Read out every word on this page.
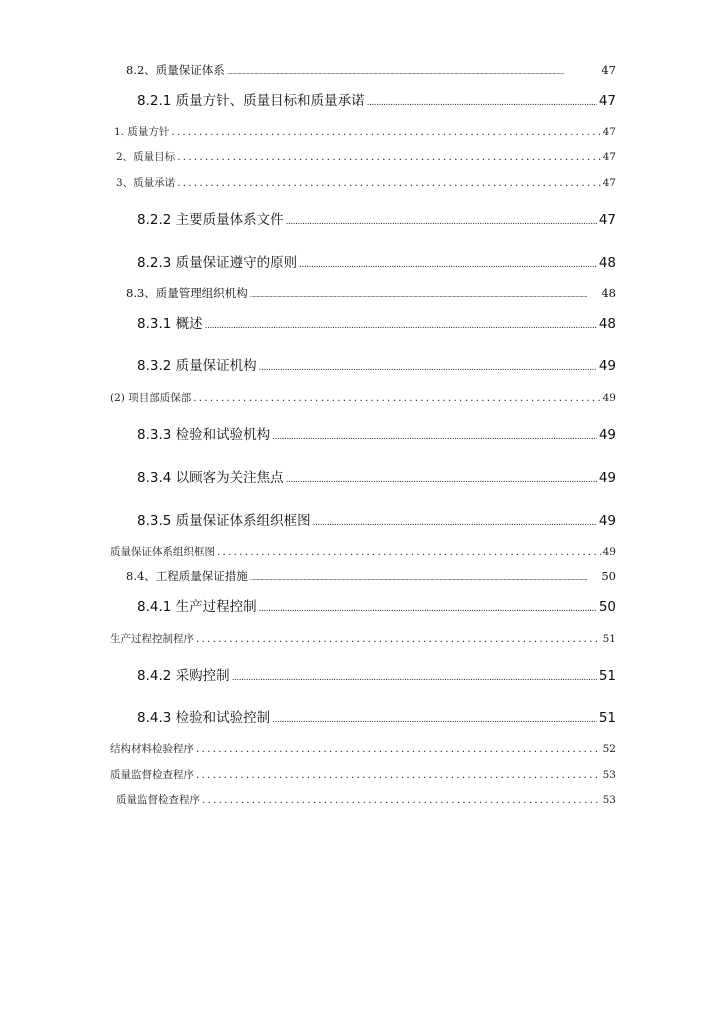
8.2、质量保证体系 .....	47
8.2.1 质量方针、质量目标和质量承诺 .....	47
1. 质量方针 .....	47
2、质量目标 .....	47
3、质量承诺 .....	47
8.2.2 主要质量体系文件 .....	47
8.2.3 质量保证遵守的原则 .....	48
8.3、质量管理组织机构 .....	48
8.3.1 概述 .....	48
8.3.2 质量保证机构 .....	49
(2) 项目部质保部 .....	49
8.3.3 检验和试验机构 .....	49
8.3.4 以顾客为关注焦点 .....	49
8.3.5 质量保证体系组织框图 .....	49
质量保证体系组织框图 .....	49
8.4、工程质量保证措施 .....	50
8.4.1 生产过程控制 .....	50
生产过程控制程序 .....	51
8.4.2 采购控制 .....	51
8.4.3 检验和试验控制 .....	51
结构材料检验程序 .....	52
质量监督检查程序 .....	53
质量监督检查程序 .....	53
